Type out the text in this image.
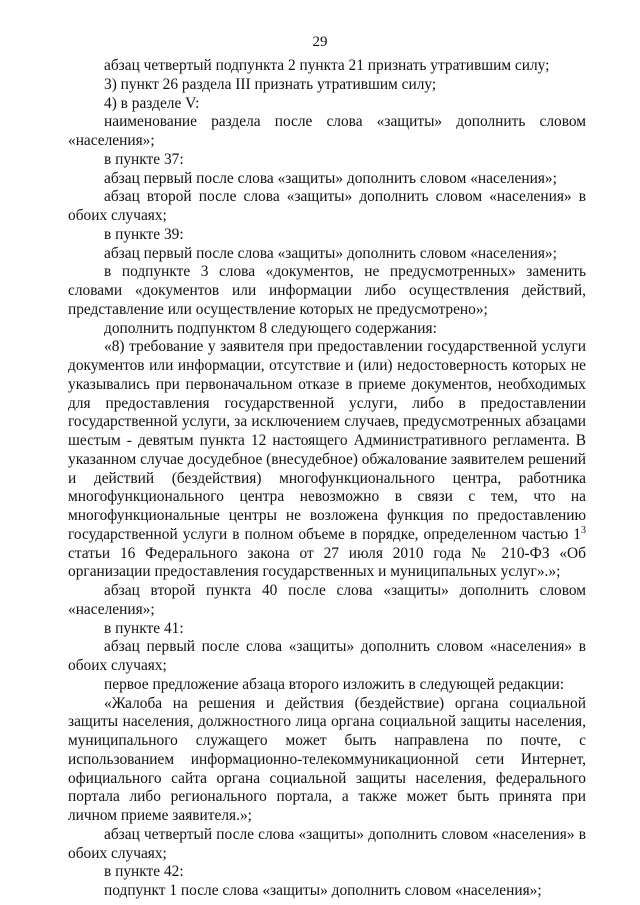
29

абзац четвертый подпункта 2 пункта 21 признать утратившим силу;

3) пункт 26 раздела III признать утратившим силу;

4) в разделе V:

наименование раздела после слова «защиты» дополнить словом «населения»;

в пункте 37:

абзац первый после слова «защиты» дополнить словом «населения»;

абзац второй после слова «защиты» дополнить словом «населения» в обоих случаях;

в пункте 39:

абзац первый после слова «защиты» дополнить словом «населения»;

в подпункте 3 слова «документов, не предусмотренных» заменить словами «документов или информации либо осуществления действий, представление или осуществление которых не предусмотрено»;

дополнить подпунктом 8 следующего содержания:

«8) требование у заявителя при предоставлении государственной услуги документов или информации, отсутствие и (или) недостоверность которых не указывались при первоначальном отказе в приеме документов, необходимых для предоставления государственной услуги, либо в предоставлении государственной услуги, за исключением случаев, предусмотренных абзацами шестым - девятым пункта 12 настоящего Административного регламента. В указанном случае досудебное (внесудебное) обжалование заявителем решений и действий (бездействия) многофункционального центра, работника многофункционального центра невозможно в связи с тем, что на многофункциональные центры не возложена функция по предоставлению государственной услуги в полном объеме в порядке, определенном частью $1^3$ статьи 16 Федерального закона от 27 июля 2010 года № 210-ФЗ «Об организации предоставления государственных и муниципальных услуг».»;

абзац второй пункта 40 после слова «защиты» дополнить словом «населения»;

в пункте 41:

абзац первый после слова «защиты» дополнить словом «населения» в обоих случаях;

первое предложение абзаца второго изложить в следующей редакции:

«Жалоба на решения и действия (бездействие) органа социальной защиты населения, должностного лица органа социальной защиты населения, муниципального служащего может быть направлена по почте, с использованием информационно-телекоммуникационной сети Интернет, официального сайта органа социальной защиты населения, федерального портала либо регионального портала, а также может быть принята при личном приеме заявителя.»;

абзац четвертый после слова «защиты» дополнить словом «населения» в обоих случаях;

в пункте 42:

подпункт 1 после слова «защиты» дополнить словом «населения»;
